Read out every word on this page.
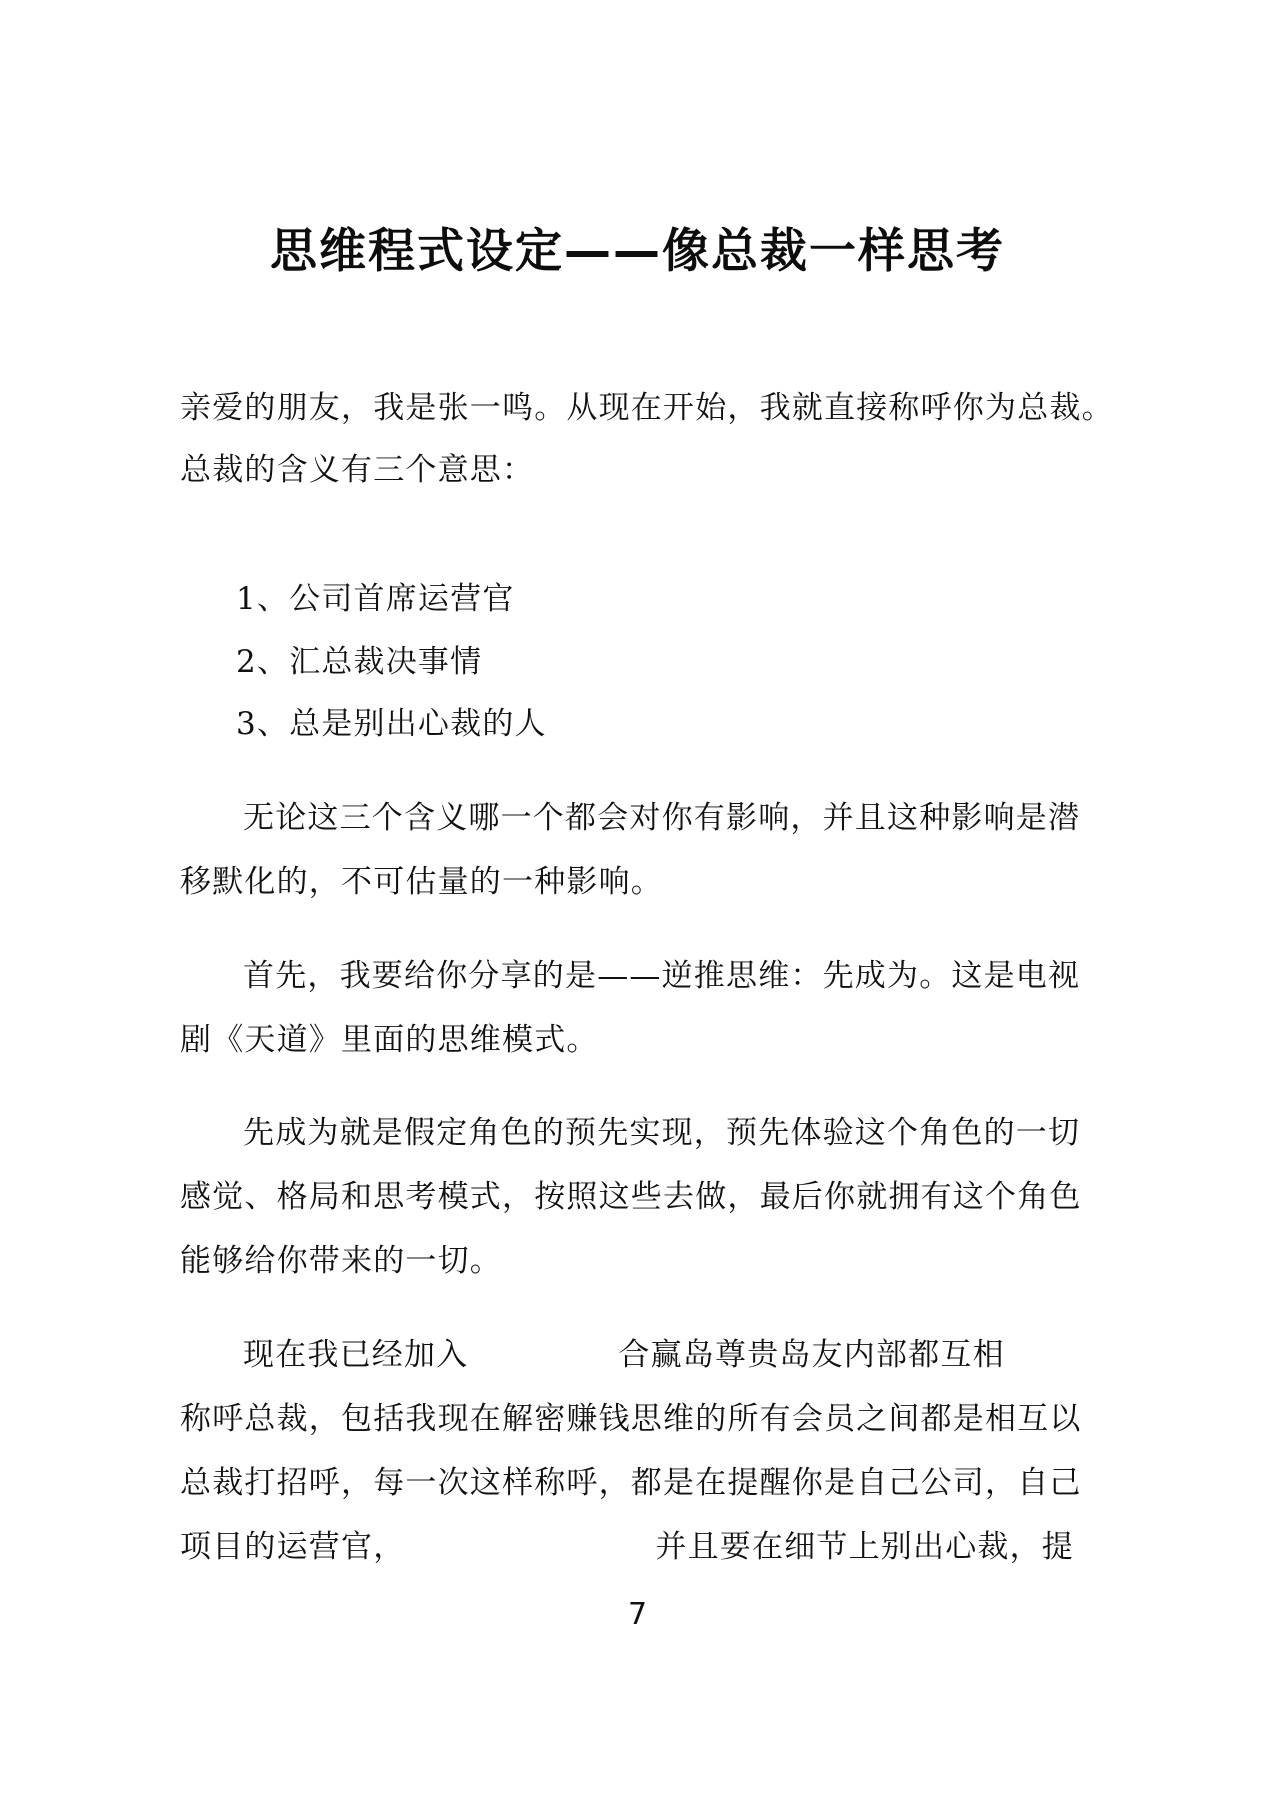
思维程式设定——像总裁一样思考
亲爱的朋友，我是张一鸣。从现在开始，我就直接称呼你为总裁。
总裁的含义有三个意思：
1、公司首席运营官
2、汇总裁决事情
3、总是别出心裁的人
无论这三个含义哪一个都会对你有影响，并且这种影响是潜
移默化的，不可估量的一种影响。
首先，我要给你分享的是——逆推思维：先成为。这是电视
剧《天道》里面的思维模式。
先成为就是假定角色的预先实现，预先体验这个角色的一切
感觉、格局和思考模式，按照这些去做，最后你就拥有这个角色
能够给你带来的一切。
现在我已经加入	合赢岛尊贵岛友内部都互相
称呼总裁，包括我现在解密赚钱思维的所有会员之间都是相互以
总裁打招呼，每一次这样称呼，都是在提醒你是自己公司，自己
项目的运营官，	并且要在细节上别出心裁，提
7
